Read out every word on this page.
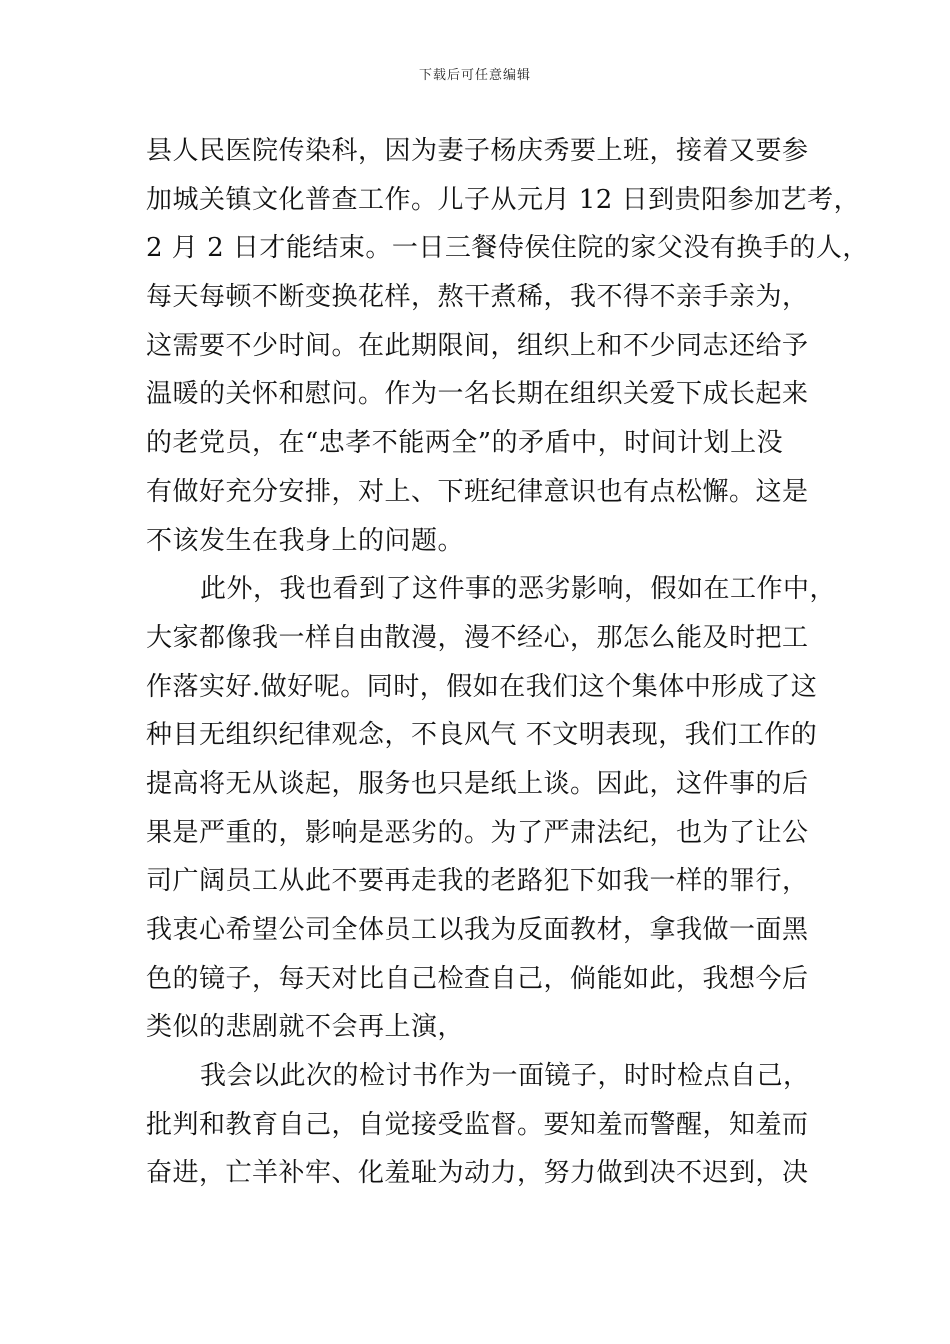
下载后可任意编辑
县人民医院传染科，因为妻子杨庆秀要上班，接着又要参
加城关镇文化普查工作。儿子从元月 12 日到贵阳参加艺考，
2 月 2 日才能结束。一日三餐侍侯住院的家父没有换手的人，
每天每顿不断变换花样，熬干煮稀，我不得不亲手亲为，
这需要不少时间。在此期限间，组织上和不少同志还给予
温暖的关怀和慰问。作为一名长期在组织关爱下成长起来
的老党员，在“忠孝不能两全”的矛盾中，时间计划上没
有做好充分安排，对上、下班纪律意识也有点松懈。这是
不该发生在我身上的问题。
此外，我也看到了这件事的恶劣影响，假如在工作中，
大家都像我一样自由散漫，漫不经心，那怎么能及时把工
作落实好.做好呢。同时，假如在我们这个集体中形成了这
种目无组织纪律观念，不良风气 不文明表现，我们工作的
提高将无从谈起，服务也只是纸上谈。因此，这件事的后
果是严重的，影响是恶劣的。为了严肃法纪，也为了让公
司广阔员工从此不要再走我的老路犯下如我一样的罪行，
我衷心希望公司全体员工以我为反面教材，拿我做一面黑
色的镜子，每天对比自己检查自己，倘能如此，我想今后
类似的悲剧就不会再上演，
我会以此次的检讨书作为一面镜子，时时检点自己，
批判和教育自己，自觉接受监督。要知羞而警醒，知羞而
奋进，亡羊补牢、化羞耻为动力，努力做到决不迟到，决
